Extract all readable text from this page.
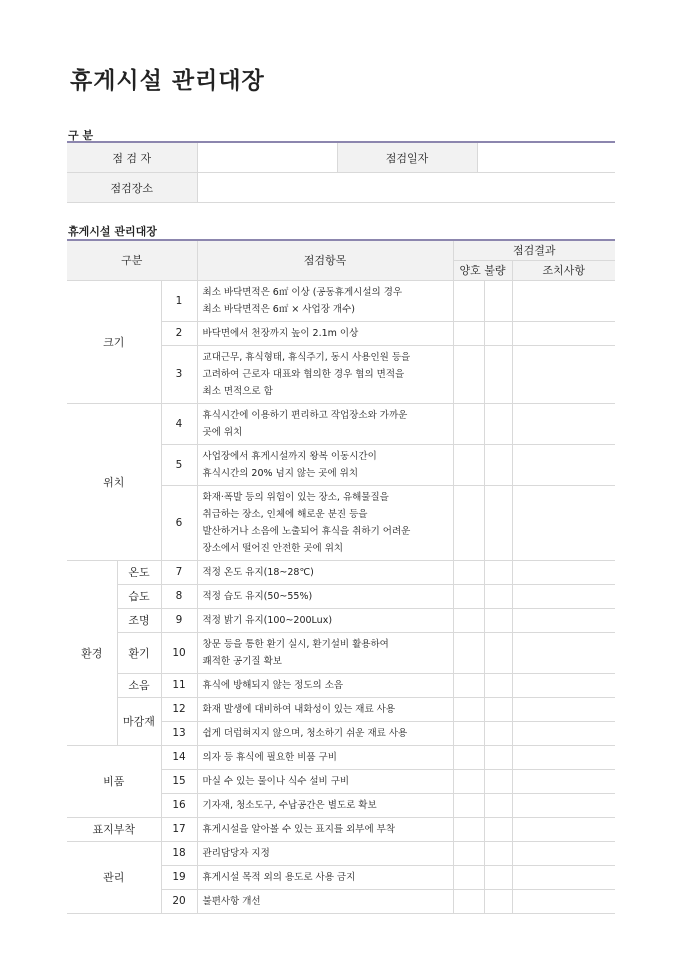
휴게시설 관리대장
구 분
점 검 자		점검일자	
점검장소			
휴게시설 관리대장
구분			점검항목	점검결과		
				양호 불량		조치사항
크기		1	최소 바닥면적은 6㎡ 이상 (공동휴게시설의 경우
최소 바닥면적은 6㎡ × 사업장 개수)			

		2	바닥면에서 천장까지 높이 2.1m 이상			

		3	교대근무, 휴식형태, 휴식주기, 동시 사용인원 등을
고려하여 근로자 대표와 협의한 경우 협의 면적을
최소 면적으로 함			

위치		4	휴식시간에 이용하기 편리하고 작업장소와 가까운
곳에 위치			

		5	사업장에서 휴게시설까지 왕복 이동시간이
휴식시간의 20% 넘지 않는 곳에 위치			

		6	화재·폭발 등의 위험이 있는 장소, 유해물질을
취급하는 장소, 인체에 해로운 분진 등을
발산하거나 소음에 노출되어 휴식을 취하기 어려운
장소에서 떨어진 안전한 곳에 위치			

환경	온도	7	적정 온도 유지(18~28℃)			

	습도	8	적정 습도 유지(50~55%)			

	조명	9	적정 밝기 유지(100~200Lux)			

	환기	10	창문 등을 통한 환기 실시, 환기설비 활용하여
쾌적한 공기질 확보			

	소음	11	휴식에 방해되지 않는 정도의 소음			

	마감재	12	화재 발생에 대비하여 내화성이 있는 재료 사용			

		13	쉽게 더럽혀지지 않으며, 청소하기 쉬운 재료 사용			

비품		14	의자 등 휴식에 필요한 비품 구비			

		15	마실 수 있는 물이나 식수 설비 구비			

		16	기자재, 청소도구, 수납공간은 별도로 확보			

표지부착		17	휴게시설을 알아볼 수 있는 표지를 외부에 부착			

관리		18	관리담당자 지정			

		19	휴게시설 목적 외의 용도로 사용 금지			

		20	불편사항 개선			
